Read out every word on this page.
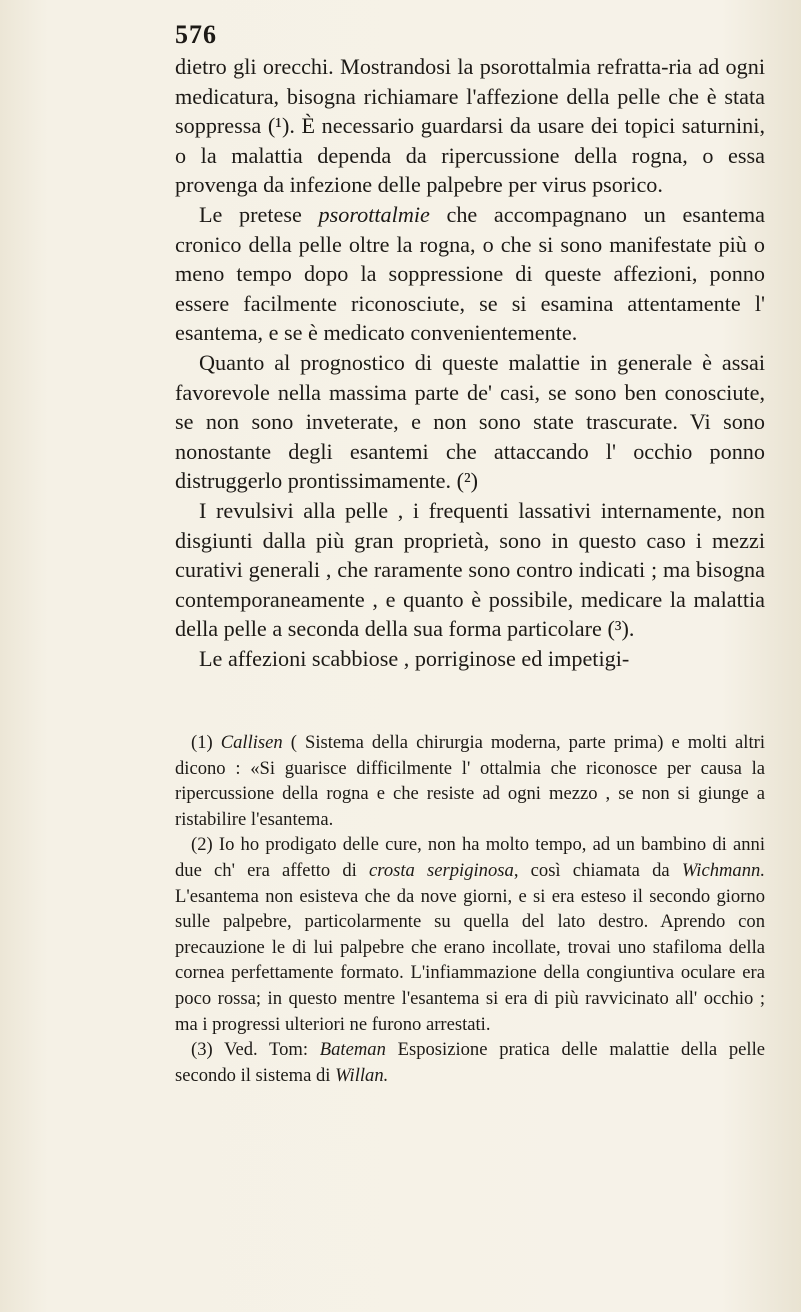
576

dietro gli orecchi. Mostrandosi la psorottalmia refratta-ria ad ogni medicatura, bisogna richiamare l'affezione della pelle che è stata soppressa (¹). È necessario guardarsi da usare dei topici saturnini, o la malattia dependa da ripercussione della rogna, o essa provenga da infezione delle palpebre per virus psorico.

Le pretese psorottalmie che accompagnano un esantema cronico della pelle oltre la rogna, o che si sono manifestate più o meno tempo dopo la soppressione di queste affezioni, ponno essere facilmente riconosciute, se si esamina attentamente l' esantema, e se è medicato convenientemente.

Quanto al prognostico di queste malattie in generale è assai favorevole nella massima parte de' casi, se sono ben conosciute, se non sono inveterate, e non sono state trascurate. Vi sono nonostante degli esantemi che attaccando l' occhio ponno distruggerlo prontissimamente. (²)

I revulsivi alla pelle , i frequenti lassativi internamente, non disgiunti dalla più gran proprietà, sono in questo caso i mezzi curativi generali , che raramente sono contro indicati ; ma bisogna contemporaneamente , e quanto è possibile, medicare la malattia della pelle a seconda della sua forma particolare (³).

Le affezioni scabbiose , porriginose ed impetigi-

(1) Callisen ( Sistema della chirurgia moderna, parte prima) e molti altri dicono : «Si guarisce difficilmente l' ottalmia che riconosce per causa la ripercussione della rogna e che resiste ad ogni mezzo , se non si giunge a ristabilire l'esantema.

(2) Io ho prodigato delle cure, non ha molto tempo, ad un bambino di anni due ch' era affetto di crosta serpiginosa, così chiamata da Wichmann. L'esantema non esisteva che da nove giorni, e si era esteso il secondo giorno sulle palpebre, particolarmente su quella del lato destro. Aprendo con precauzione le di lui palpebre che erano incollate, trovai uno stafiloma della cornea perfettamente formato. L'infiammazione della congiuntiva oculare era poco rossa; in questo mentre l'esantema si era di più ravvicinato all' occhio ; ma i progressi ulteriori ne furono arrestati.

(3) Ved. Tom: Bateman Esposizione pratica delle malattie della pelle secondo il sistema di Willan.
